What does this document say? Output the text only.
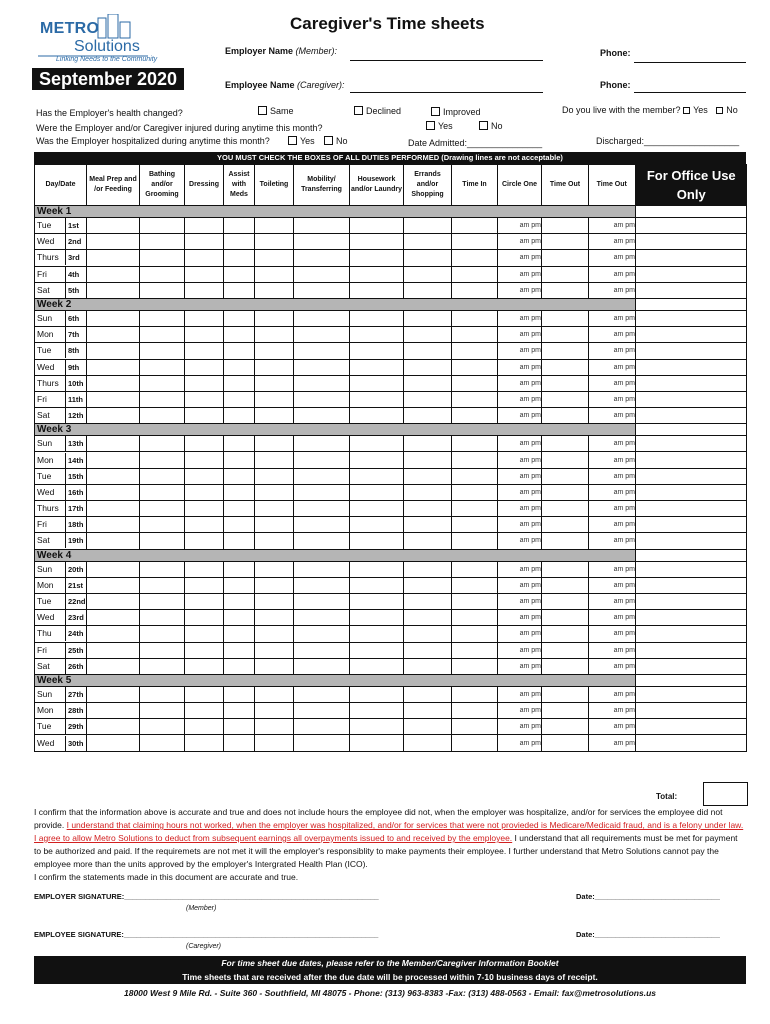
METRO
Solutions
Linking Needs to the Community
Caregiver's Time sheets
September 2020
Employer Name (Member):	Phone:
Employee Name (Caregiver):	Phone:
Has the Employer's health changed?	Same	Declined	Improved	Do you live with the member? Yes No
Were the Employer and/or Caregiver injured during anytime this month?	Yes	No
Was the Employer hospitalized during anytime this month?	Yes	No	Date Admitted:_______________	Discharged:___________________
YOU MUST CHECK THE BOXES OF ALL DUTIES PERFORMED (Drawing lines are not acceptable)
Day/Date	Meal Prep and /or Feeding	Bathing and/or Grooming	Dressing	Assist with Meds	Toileting	Mobility/ Transferring	Housework and/or Laundry	Errands and/or Shopping	Time In	Circle One	Time Out	Time Out	For Office Use Only
Week 1													
Tue 1st										am pm		am pm	
Wed 2nd										am pm		am pm	
Thurs 3rd										am pm		am pm	
Fri 4th										am pm		am pm	
Sat 5th										am pm		am pm	
Week 2													
Sun 6th										am pm		am pm	
Mon 7th										am pm		am pm	
Tue 8th										am pm		am pm	
Wed 9th										am pm		am pm	
Thurs 10th										am pm		am pm	
Fri 11th										am pm		am pm	
Sat 12th										am pm		am pm	
Week 3													
Sun 13th										am pm		am pm	
Mon 14th										am pm		am pm	
Tue 15th										am pm		am pm	
Wed 16th										am pm		am pm	
Thurs 17th										am pm		am pm	
Fri 18th										am pm		am pm	
Sat 19th										am pm		am pm	
Week 4													
Sun 20th										am pm		am pm	
Mon 21st										am pm		am pm	
Tue 22nd										am pm		am pm	
Wed 23rd										am pm		am pm	
Thu 24th										am pm		am pm	
Fri 25th										am pm		am pm	
Sat 26th										am pm		am pm	
Week 5													
Sun 27th										am pm		am pm	
Mon 28th										am pm		am pm	
Tue 29th										am pm		am pm	
Wed 30th										am pm		am pm	
Total:
I confirm that the information above is accurate and true and does not include hours the employee did not, when the employer was hospitalize, and/or for services the employee did not provide. I understand that claiming hours not worked, when the employer was hospitalized, and/or for services that were not provieded is Medicare/Medicaid fraud, and is a felony under law. I agree to allow Metro Solutions to deduct from subsequent earnings all overpayments issued to and received by the employee. I understand that all requirements must be met for payment to be authorized and paid. If the requiremets are not met it will the employer's responsiblity to make payments their employee. I further understand that Metro Solutions cannot pay the employee more than the units approved by the employer's Intergrated Health Plan (ICO).
I confirm the statements made in this document are accurate and true.
EMPLOYER SIGNATURE:_____________________________________________________________
(Member)
Date:______________________________
EMPLOYEE SIGNATURE:_____________________________________________________________
(Caregiver)
Date:______________________________
For time sheet due dates, please refer to the Member/Caregiver Information Booklet
Time sheets that are received after the due date will be processed within 7-10 business days of receipt.
18000 West 9 Mile Rd. - Suite 360 - Southfield, MI 48075 - Phone: (313) 963-8383 -Fax: (313) 488-0563 - Email: fax@metrosolutions.us
